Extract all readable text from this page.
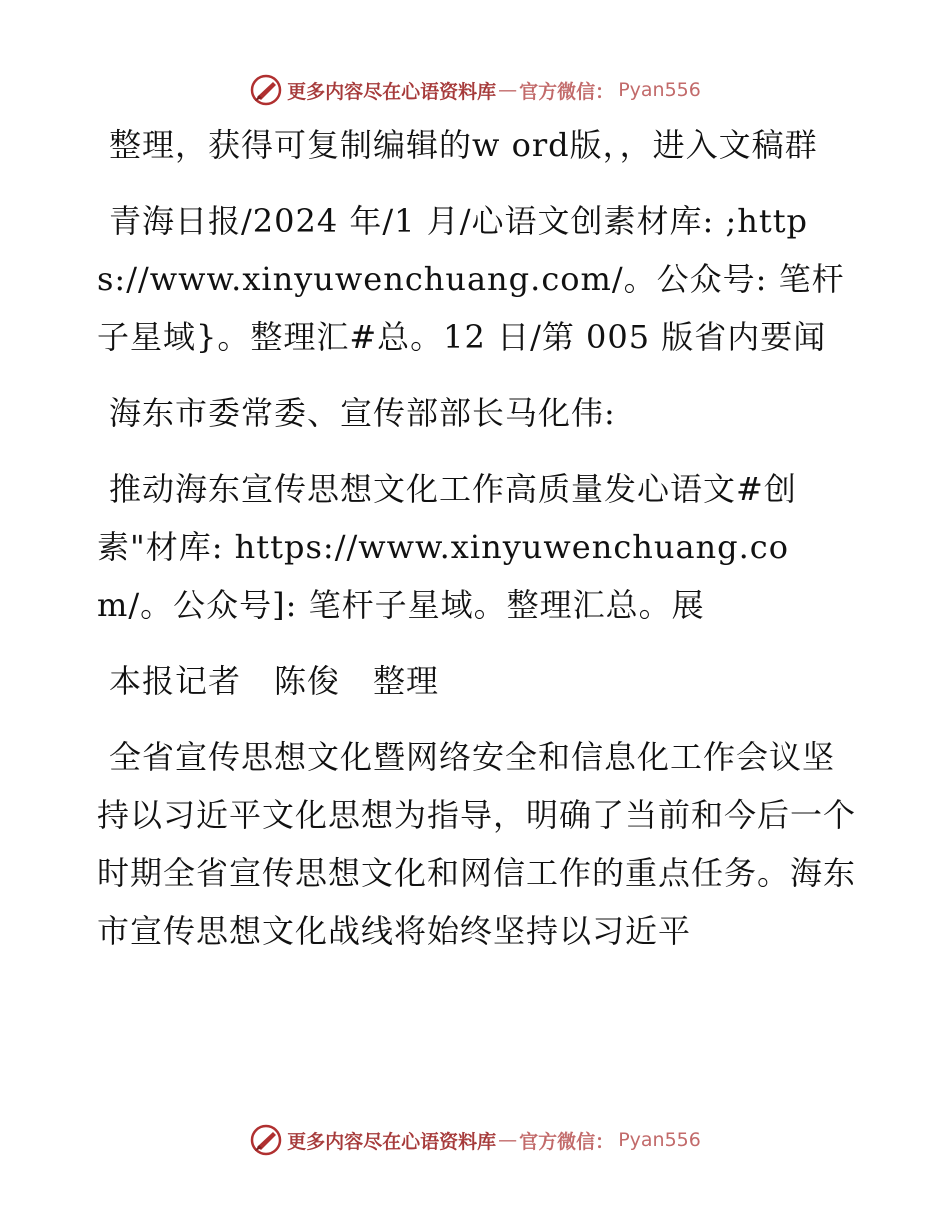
更多内容尽在心语资料库 — 官方微信： Pyan556

整理，获得可复制编辑的w ord版，，进入文稿群

青海日报/2024 年/1 月/心语文创素材库: ;https://www.xinyuwenchuang.com/。公众号: 笔杆子星域}。整理汇#总。12 日/第 005 版省内要闻

海东市委常委、宣传部部长马化伟:

推动海东宣传思想文化工作高质量发心语文#创素"材库: https://www.xinyuwenchuang.com/。公众号]: 笔杆子星域。整理汇总。展

本报记者　陈俊　整理

全省宣传思想文化暨网络安全和信息化工作会议坚持以习近平文化思想为指导，明确了当前和今后一个时期全省宣传思想文化和网信工作的重点任务。海东市宣传思想文化战线将始终坚持以习近平

更多内容尽在心语资料库 — 官方微信： Pyan556
